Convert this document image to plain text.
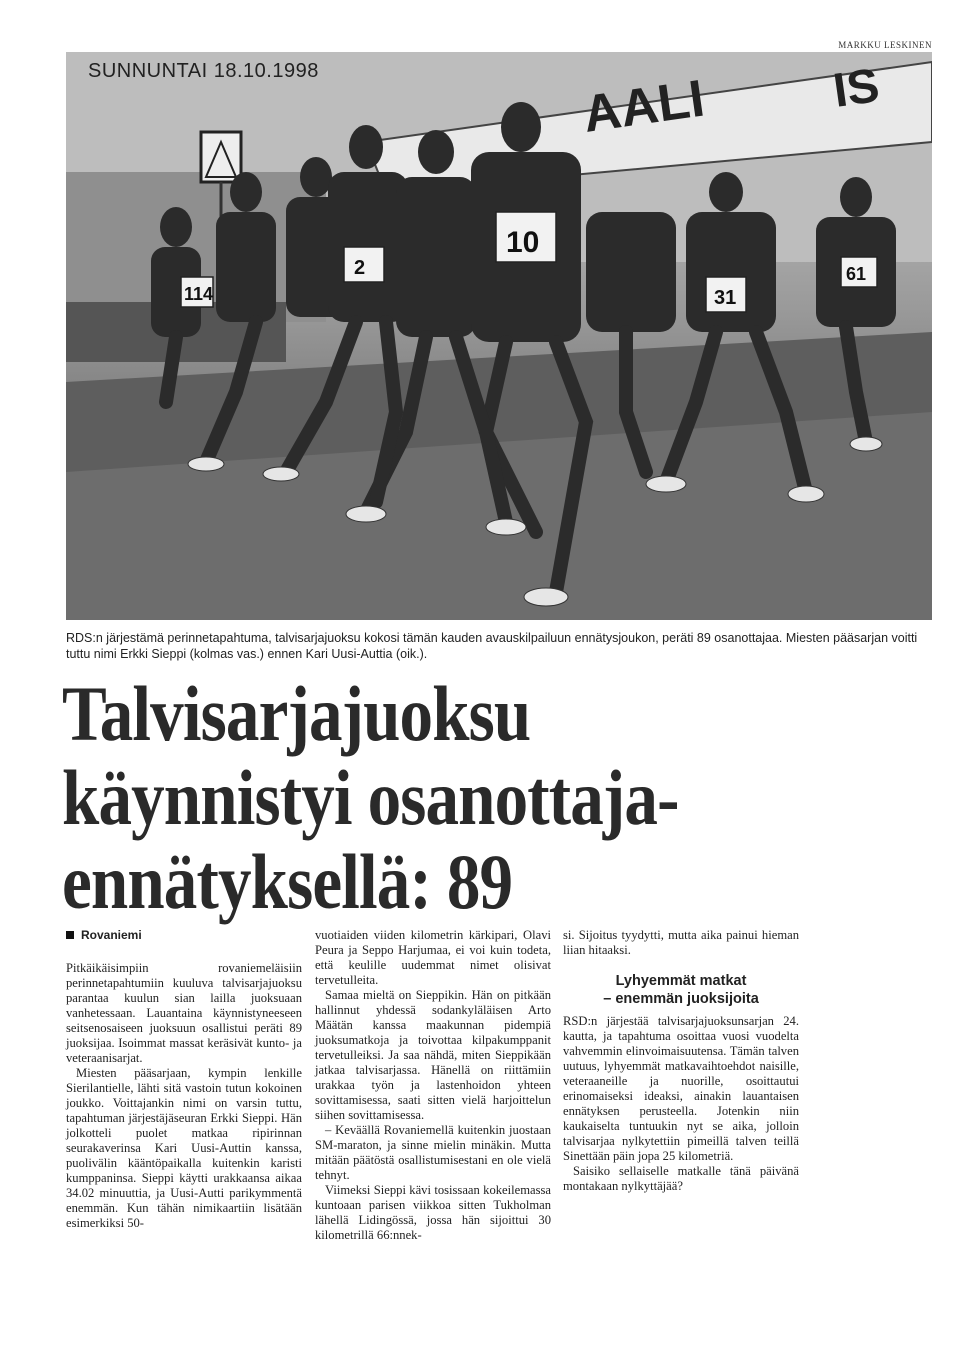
MARKKU LESKINEN
AALI	IS
10
2
114	31
61
SUNNUNTAI 18.10.1998
RDS:n järjestämä perinnetapahtuma, talvisarjajuoksu kokosi tämän kauden avauskilpailuun ennätysjoukon, peräti 89 osanottajaa. Miesten pääsarjan voitti tuttu nimi Erkki Sieppi (kolmas vas.) ennen Kari Uusi-Auttia (oik.).
Talvisarjajuoksu
käynnistyi osanottaja-
ennätyksellä: 89
Rovaniemi

Pitkäikäisimpiin rovaniemeläisiin perinnetapahtumiin kuuluva talvisarjajuoksu parantaa kuulun sian lailla juoksuaan vanhetessaan. Lauantaina käynnistyneeseen seitsenosaiseen juoksuun osallistui peräti 89 juoksijaa. Isoimmat massat keräsivät kunto- ja veteraanisarjat.

Miesten pääsarjaan, kympin lenkille Sierilantielle, lähti sitä vastoin tutun kokoinen joukko. Voittajankin nimi on varsin tuttu, tapahtuman järjestäjäseuran Erkki Sieppi. Hän jolkotteli puolet matkaa ripirinnan seurakaverinsa Kari Uusi-Auttin kanssa, puolivälin kääntöpaikalla kuitenkin karisti kumppaninsa. Sieppi käytti urakkaansa aikaa 34.02 minuuttia, ja Uusi-Autti parikymmentä enemmän. Kun tähän nimikaartiin lisätään esimerkiksi 50-

vuotiaiden viiden kilometrin kärkipari, Olavi Peura ja Seppo Harjumaa, ei voi kuin todeta, että keulille uudemmat nimet olisivat tervetulleita.

Samaa mieltä on Sieppikin. Hän on pitkään hallinnut yhdessä sodankyläläisen Arto Määtän kanssa maakunnan pidempiä juoksumatkoja ja toivottaa kilpakumppanit tervetulleiksi. Ja saa nähdä, miten Sieppikään jatkaa talvisarjassa. Hänellä on riittämiin urakkaa työn ja lastenhoidon yhteen sovittamisessa, saati sitten vielä harjoittelun siihen sovittamisessa.

– Keväällä Rovaniemellä kuitenkin juostaan SM-maraton, ja sinne mielin minäkin. Mutta mitään päätöstä osallistumisestani en ole vielä tehnyt.

Viimeksi Sieppi kävi tosissaan kokeilemassa kuntoaan parisen viikkoa sitten Tukholman lähellä Lidingössä, jossa hän sijoittui 30 kilometrillä 66:nnek-

si. Sijoitus tyydytti, mutta aika painui hieman liian hitaaksi.

Lyhyemmät matkat
– enemmän juoksijoita

RSD:n järjestää talvisarjajuoksunsarjan 24. kautta, ja tapahtuma osoittaa vuosi vuodelta vahvemmin elinvoimaisuutensa. Tämän talven uutuus, lyhyemmät matkavaihtoehdot naisille, veteraaneille ja nuorille, osoittautui erinomaiseksi ideaksi, ainakin lauantaisen ennätyksen perusteella. Jotenkin niin kaukaiselta tuntuukin nyt se aika, jolloin talvisarjaa nylkytettiin pimeillä talven teillä Sinettään päin jopa 25 kilometriä.

Saisiko sellaiselle matkalle tänä päivänä montakaan nylkyttäjää?
